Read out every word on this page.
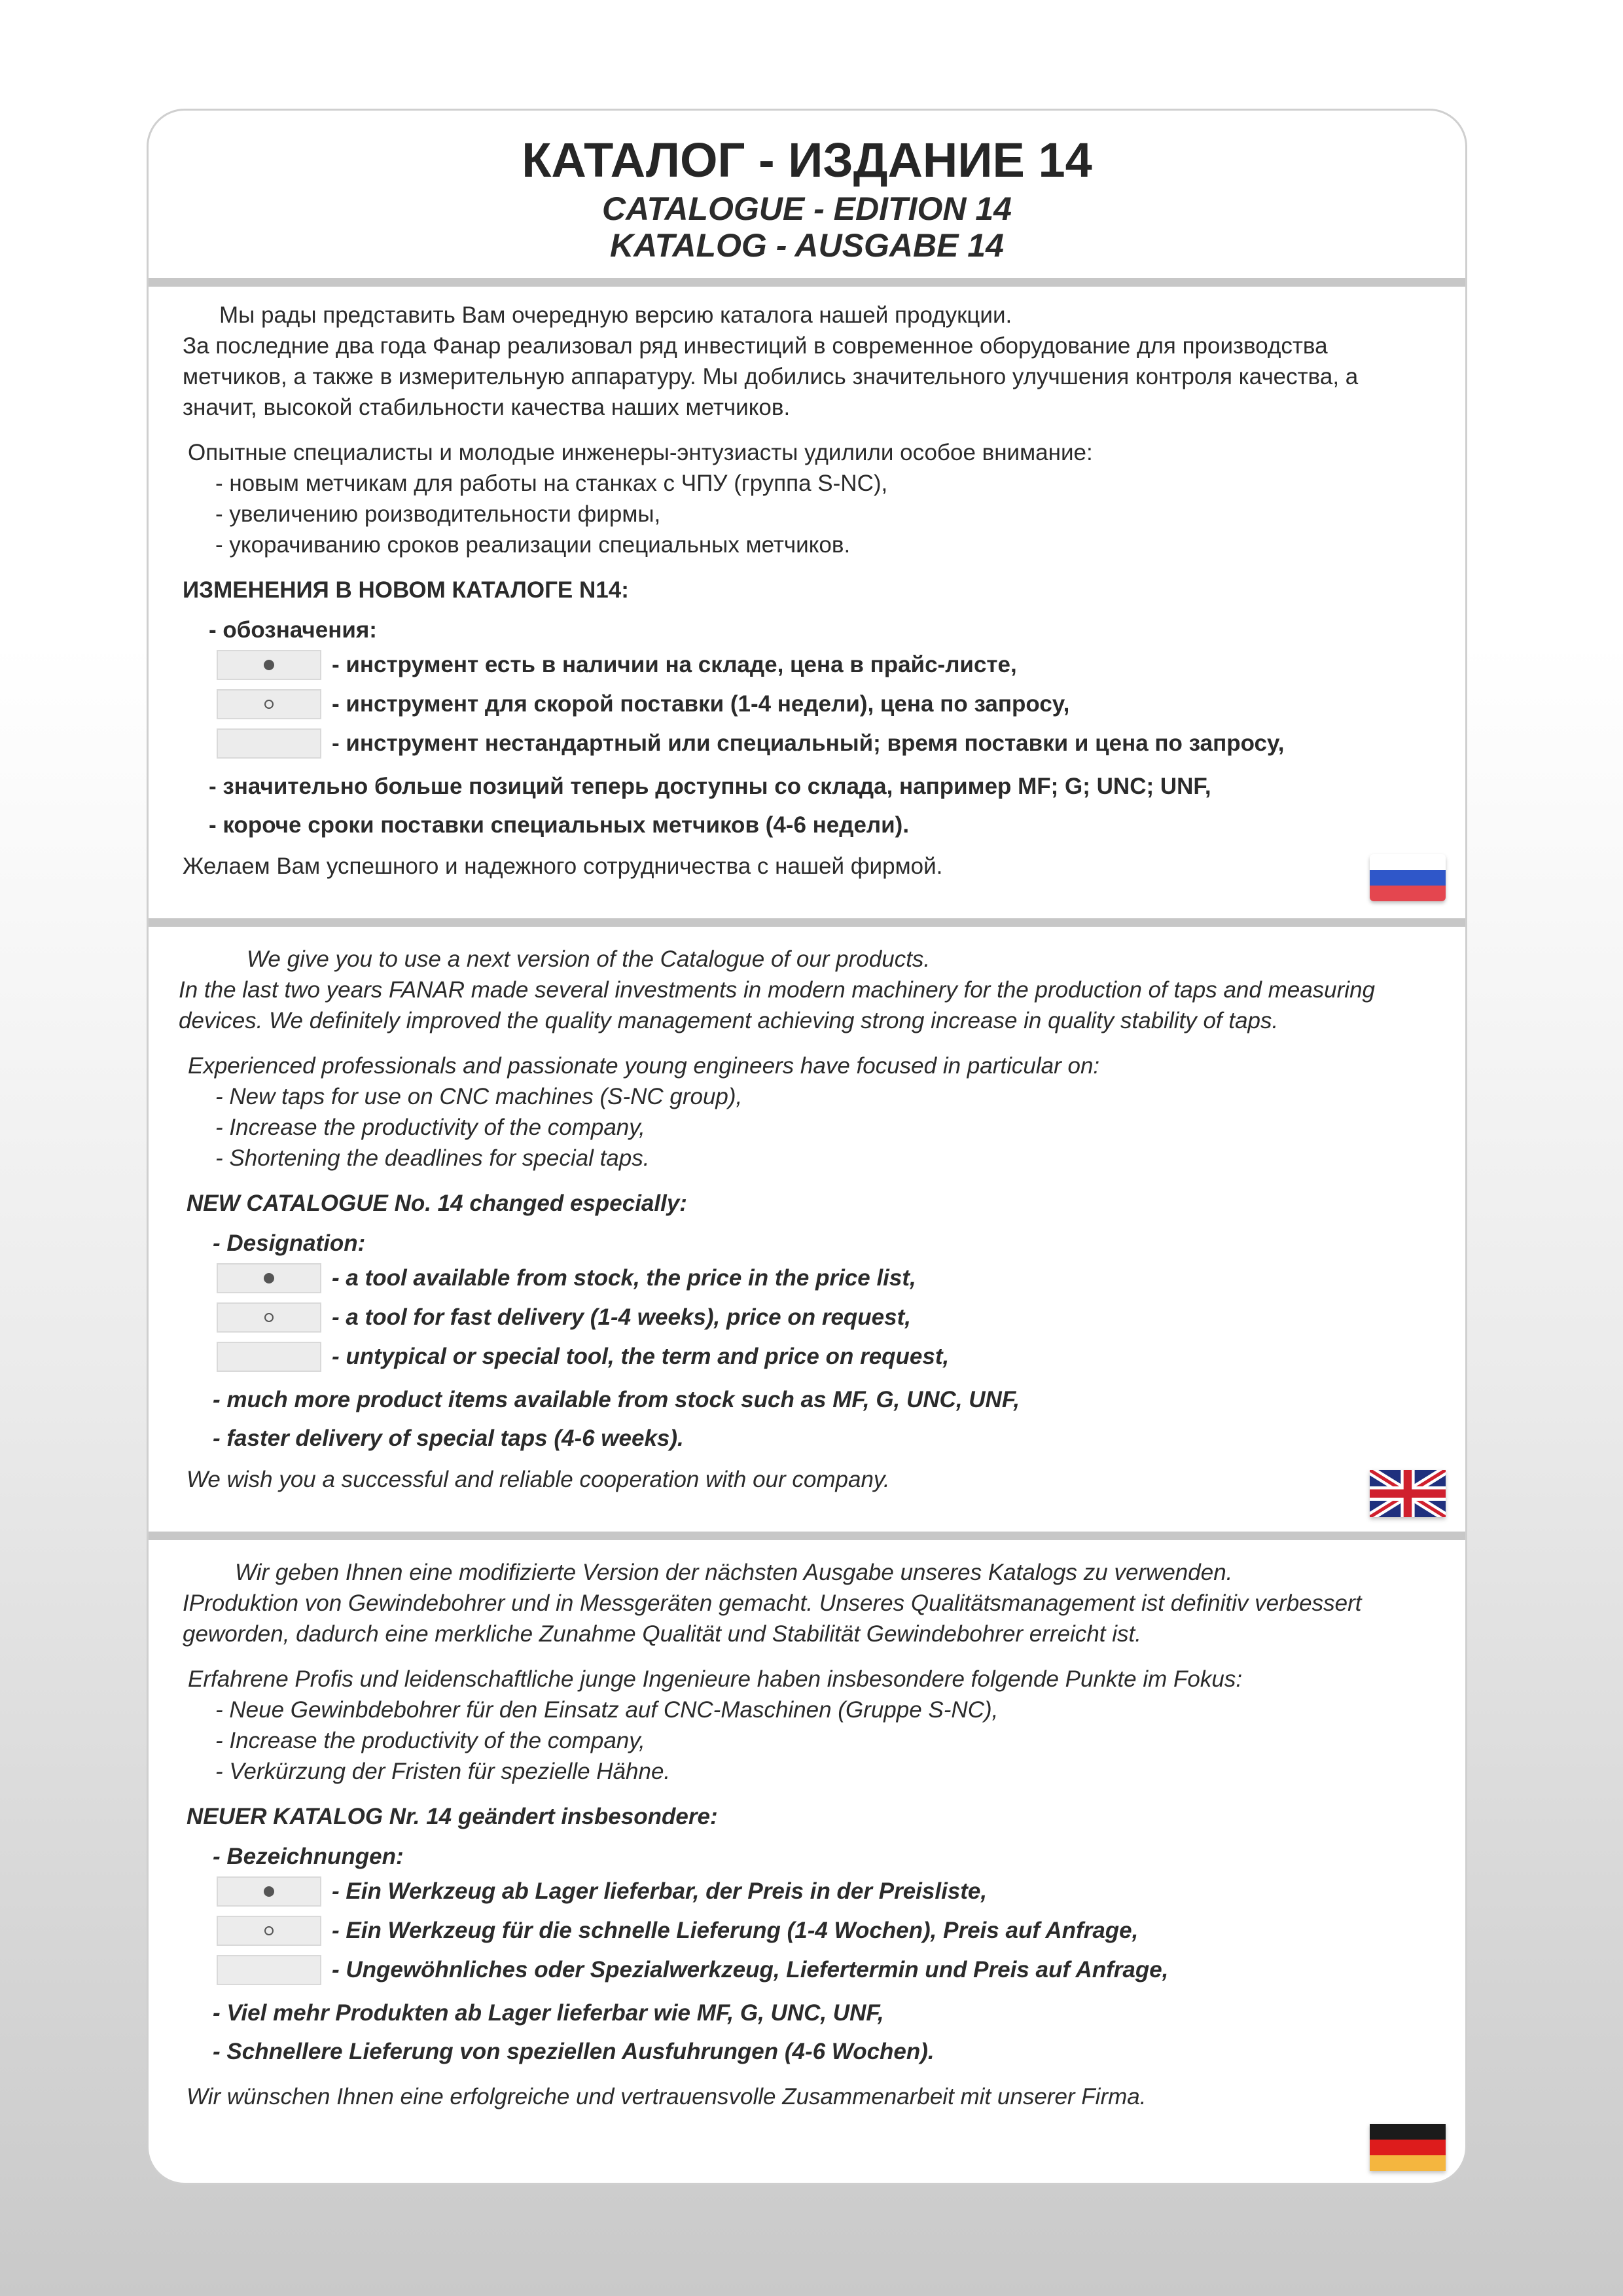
КАТАЛОГ - ИЗДАНИЕ 14
CATALOGUE - EDITION 14
KATALOG - AUSGABE 14

Мы рады представить Вам очередную версию каталога нашей продукции.
За последние два года Фанар реализовал ряд инвестиций в современное оборудование для производства метчиков, а также в измерительную аппаратуру. Мы добились значительного улучшения контроля качества, а значит, высокой стабильности качества наших метчиков.

Опытные специалисты и молодые инженеры-энтузиасты удилили особое внимание:
- новым метчикам для работы на станках с ЧПУ (группа S-NC),
- увеличению роизводительности фирмы,
- укорачиванию сроков реализации специальных метчиков.
ИЗМЕНЕНИЯ В НОВОМ КАТАЛОГЕ N14:
- обозначения:
- инструмент есть в наличии на складе, цена в прайс-листе,
- инструмент для скорой поставки (1-4 недели), цена по запросу,
- инструмент нестандартный или специальный; время поставки и цена по запросу,
- значительно больше позиций теперь доступны со склада, например MF; G; UNC; UNF,
- короче сроки поставки специальных метчиков (4-6 недели).
Желаем Вам успешного и надежного сотрудничества с нашей фирмой.

We give you to use a next version of the Catalogue of our products.
In the last two years FANAR made several investments in modern machinery for the production of taps and measuring devices. We definitely improved the quality management achieving strong increase in quality stability of taps.

Experienced professionals and passionate young engineers have focused in particular on:
- New taps for use on CNC machines (S-NC group),
- Increase the productivity of the company,
- Shortening the deadlines for special taps.
NEW CATALOGUE No. 14 changed especially:
- Designation:
- a tool available from stock, the price in the price list,
- a tool for fast delivery (1-4 weeks), price on request,
- untypical or special tool, the term and price on request,
- much more product items available from stock such as MF, G, UNC, UNF,
- faster delivery of special taps (4-6 weeks).
We wish you a successful and reliable cooperation with our company.

Wir geben Ihnen eine modifizierte Version der nächsten Ausgabe unseres Katalogs zu verwenden.
IProduktion von Gewindebohrer und in Messgeräten gemacht. Unseres Qualitätsmanagement ist definitiv verbessert geworden, dadurch eine merkliche Zunahme Qualität und Stabilität Gewindebohrer erreicht ist.

Erfahrene Profis und leidenschaftliche junge Ingenieure haben insbesondere folgende Punkte im Fokus:
- Neue Gewinbdebohrer für den Einsatz auf CNC-Maschinen (Gruppe S-NC),
- Increase the productivity of the company,
- Verkürzung der Fristen für spezielle Hähne.
NEUER KATALOG Nr. 14 geändert insbesondere:
- Bezeichnungen:
- Ein Werkzeug ab Lager lieferbar, der Preis in der Preisliste,
- Ein Werkzeug für die schnelle Lieferung (1-4 Wochen), Preis auf Anfrage,
- Ungewöhnliches oder Spezialwerkzeug, Liefertermin und Preis auf Anfrage,
- Viel mehr Produkten ab Lager lieferbar wie MF, G, UNC, UNF,
- Schnellere Lieferung von speziellen Ausfuhrungen (4-6 Wochen).
Wir wünschen Ihnen eine erfolgreiche und vertrauensvolle Zusammenarbeit mit unserer Firma.
